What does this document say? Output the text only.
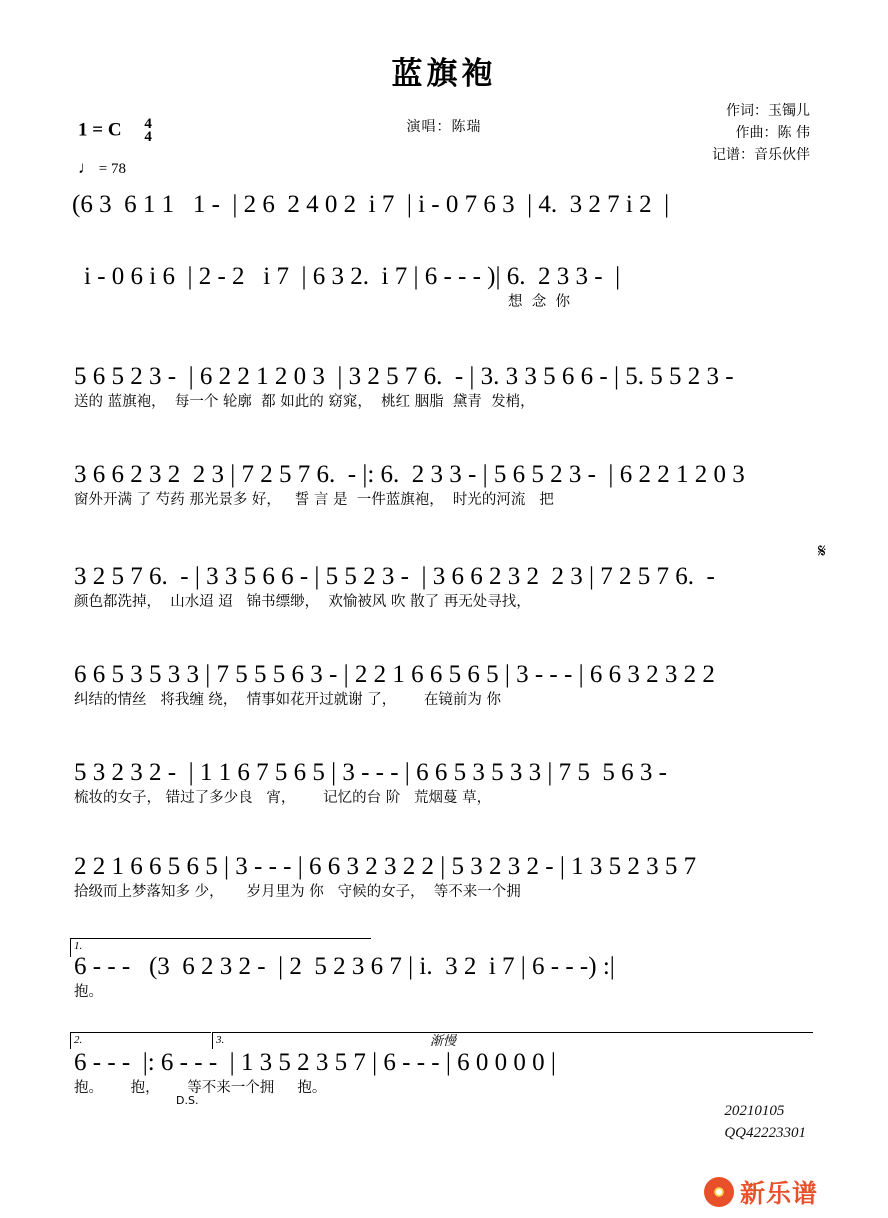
蓝旗袍
演唱：陈瑞
作词：玉镯儿
作曲：陈 伟
记谱：音乐伙伴
1 = C 4
4
♩ = 78
(6 3  6 1 1   1 -  | 2 6  2 4 0 2  i 7  | i - 0 7 6 3  | 4.  3 2 7 i 2  |
i - 0 6 i 6  | 2 - 2   i 7  | 6 3 2.  i 7 | 6 - - - )| 6.  2 3 3 -  |
想  念  你
5 6 5 2 3 -  | 6 2 2 1 2 0 3  | 3 2 5 7 6.  - | 3. 3 3 5 6 6 - | 5. 5 5 2 3 -
送的 蓝旗袍，  每一个 轮廓  都 如此的 窈窕，  桃红 胭脂  黛青  发梢，
3 6 6 2 3 2  2 3 | 7 2 5 7 6.  - |: 6.  2 3 3 - | 5 6 5 2 3 -  | 6 2 2 1 2 0 3
窗外开满 了 芍药 那光景多 好，   誓 言 是  一件蓝旗袍，  时光的河流   把
𝄋
3 2 5 7 6.  - | 3 3 5 6 6 - | 5 5 2 3 -  | 3 6 6 2 3 2  2 3 | 7 2 5 7 6.  -
颜色都洗掉，  山水迢 迢   锦书缥缈，  欢愉被风 吹 散了 再无处寻找，
6 6 5 3 5 3 3 | 7 5 5 5 6 3 - | 2 2 1 6 6 5 6 5 | 3 - - - | 6 6 3 2 3 2 2
纠结的情丝   将我缠 绕，  情事如花开过就谢 了，      在镜前为 你
5 3 2 3 2 -  | 1 1 6 7 5 6 5 | 3 - - - | 6 6 5 3 5 3 3 | 7 5  5 6 3 -
梳妆的女子， 错过了多少良   宵，      记忆的台 阶   荒烟蔓 草，
2 2 1 6 6 5 6 5 | 3 - - - | 6 6 3 2 3 2 2 | 5 3 2 3 2 - | 1 3 5 2 3 5 7
拾级而上梦落知多 少，     岁月里为 你   守候的女子，  等不来一个拥
1.
6 - - -   (3  6 2 3 2 -  | 2  5 2 3 6 7 | i.  3 2  i 7 | 6 - - -) :|
抱。
2.	3.	渐慢
6 - - -  |: 6 - - -  | 1 3 5 2 3 5 7 | 6 - - - | 6 0 0 0 0 |
抱。      抱，      等不来一个拥     抱。
D.S.
20210105
QQ42223301
新乐谱
